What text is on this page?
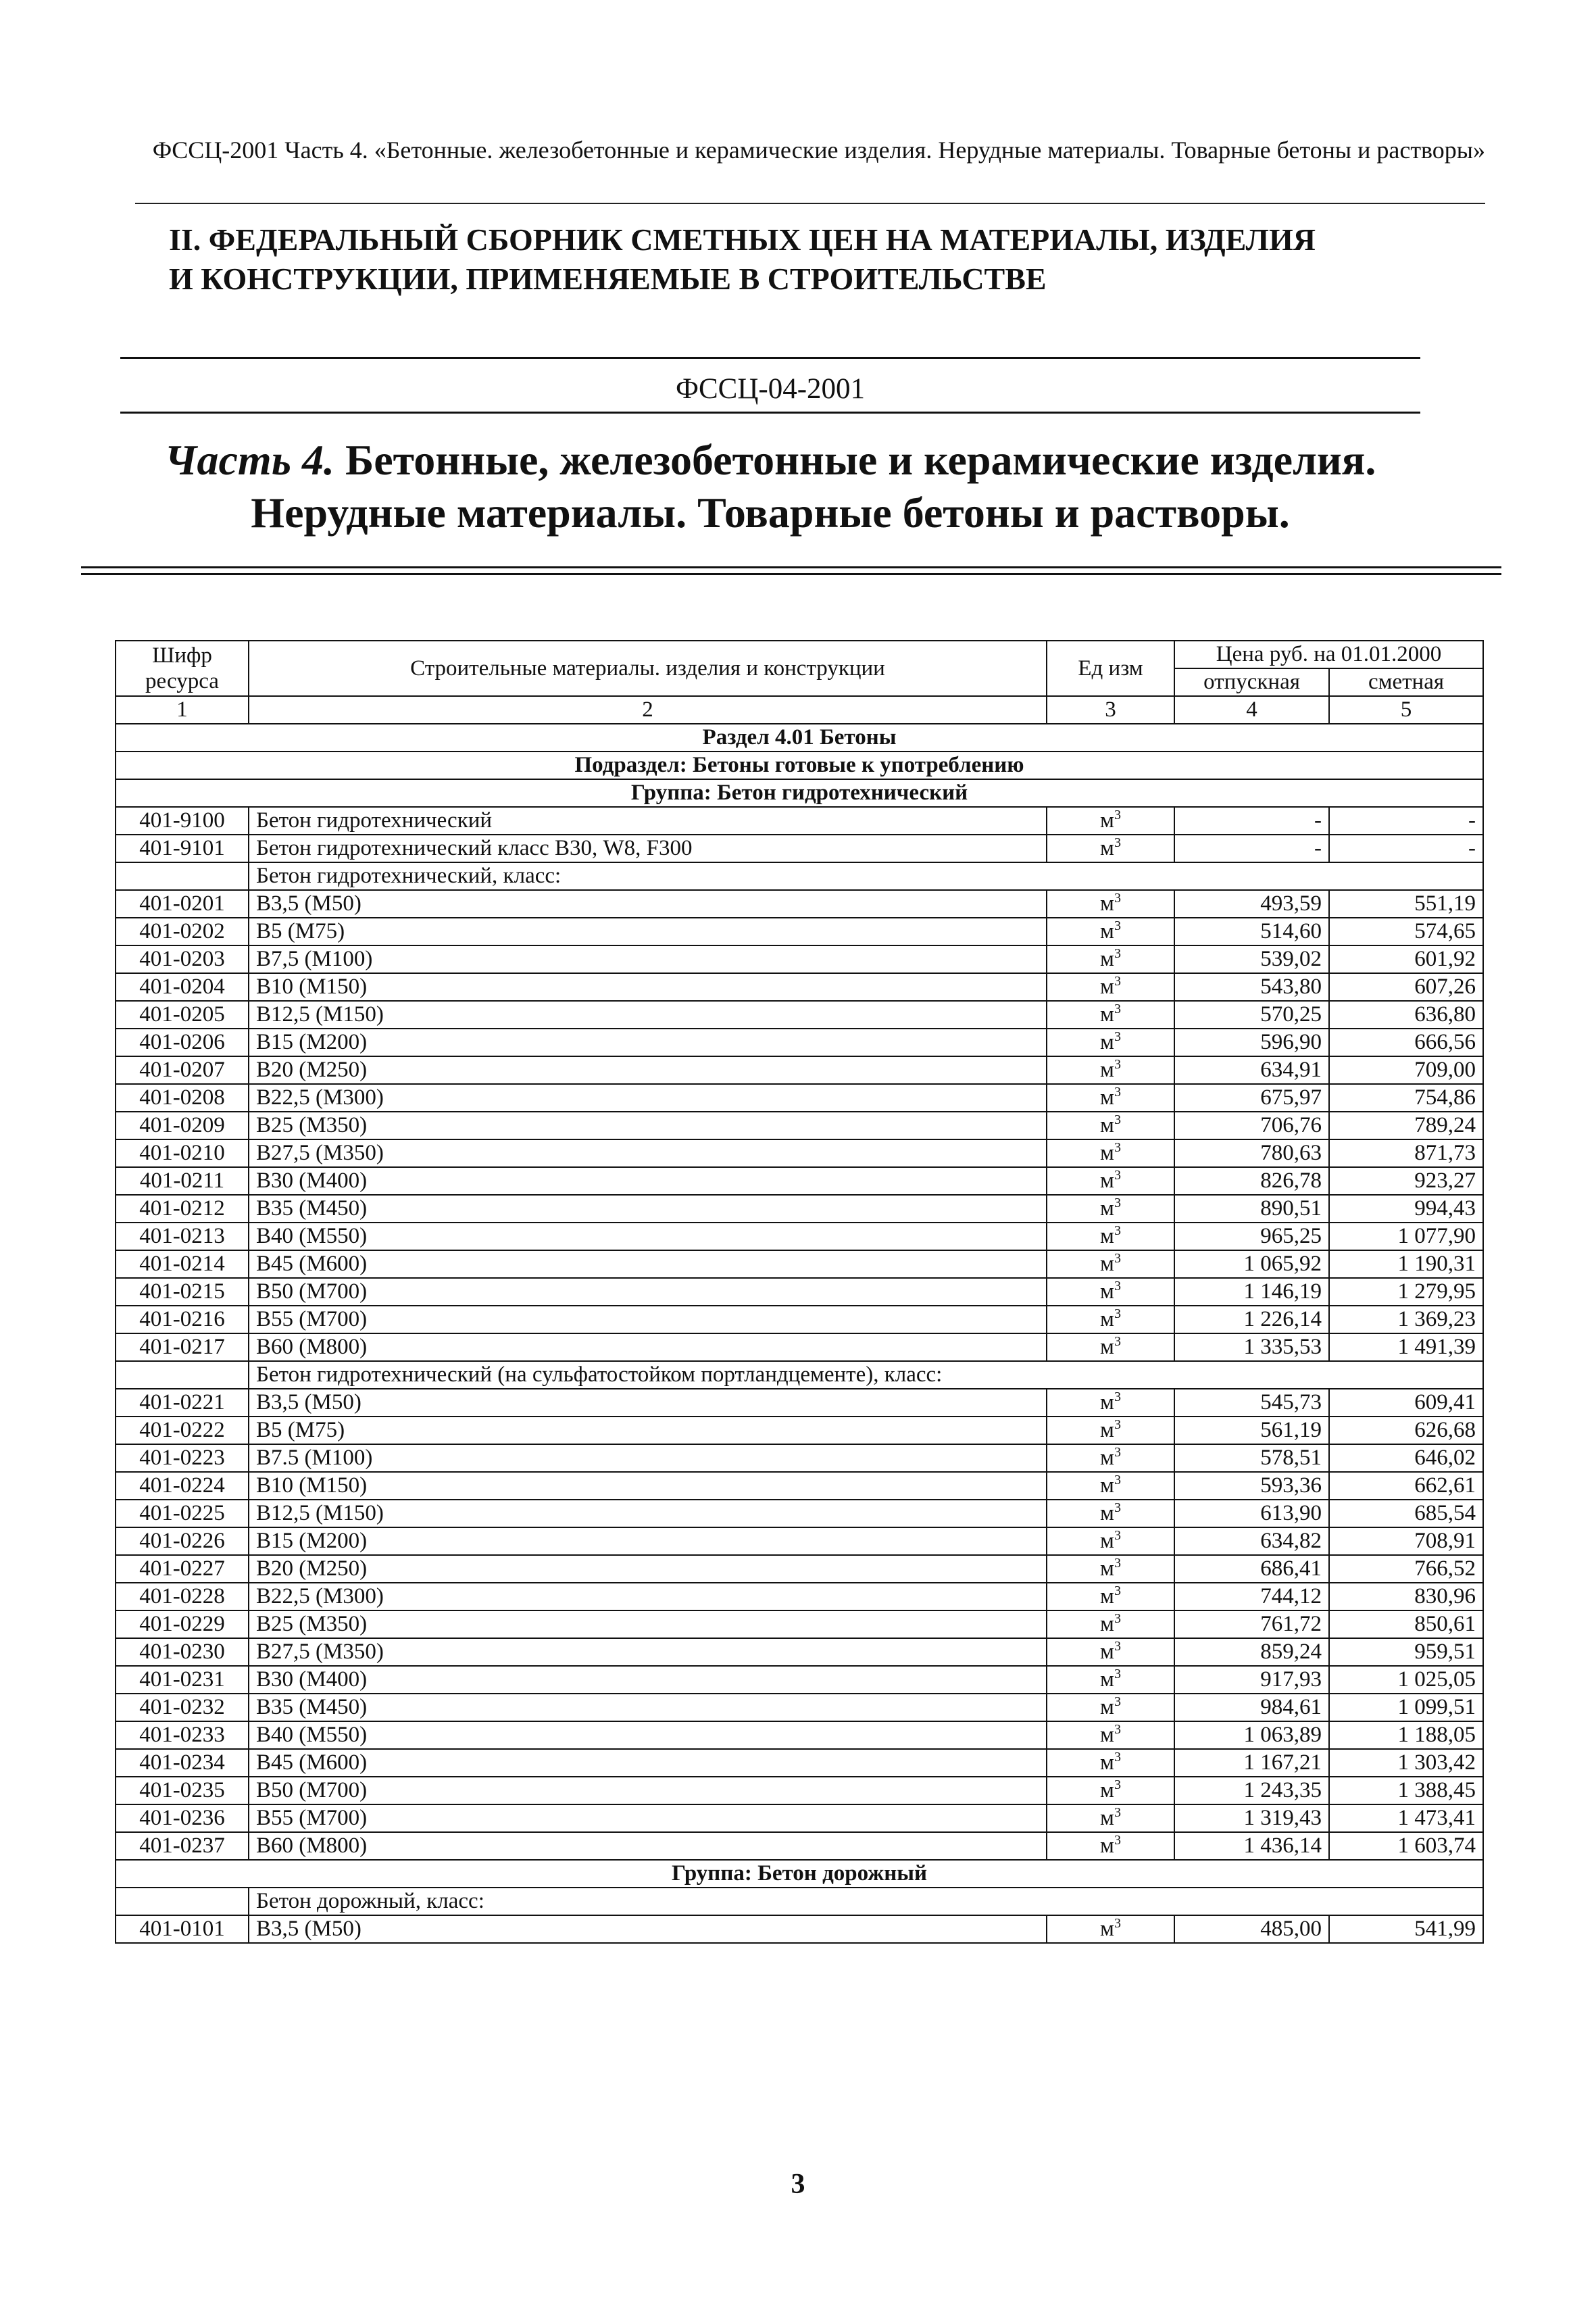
ФССЦ-2001 Часть 4. «Бетонные. железобетонные и керамические изделия. Нерудные материалы. Товарные бетоны и растворы»
II. ФЕДЕРАЛЬНЫЙ СБОРНИК СМЕТНЫХ ЦЕН НА МАТЕРИАЛЫ, ИЗДЕЛИЯ
И КОНСТРУКЦИИ, ПРИМЕНЯЕМЫЕ В СТРОИТЕЛЬСТВЕ
ФССЦ-04-2001
Часть 4. Бетонные, железобетонные и керамические изделия.
Нерудные материалы. Товарные бетоны и растворы.
Шифр ресурса	Строительные материалы. изделия и конструкции	Ед изм	Цена руб. на 01.01.2000	
			отпускная	сметная
1	2	3	4	5
Раздел 4.01 Бетоны				
Подраздел: Бетоны готовые к употреблению				
Группа: Бетон гидротехнический				
401-9100	Бетон гидротехнический	$м^3$	-	-
401-9101	Бетон гидротехнический класс В30, W8, F300	$м^3$	-	-
	Бетон гидротехнический, класс:			
401-0201	В3,5 (М50)	$м^3$	493,59	551,19
401-0202	В5 (М75)	$м^3$	514,60	574,65
401-0203	В7,5 (М100)	$м^3$	539,02	601,92
401-0204	В10 (М150)	$м^3$	543,80	607,26
401-0205	В12,5 (М150)	$м^3$	570,25	636,80
401-0206	В15 (М200)	$м^3$	596,90	666,56
401-0207	В20 (М250)	$м^3$	634,91	709,00
401-0208	В22,5 (М300)	$м^3$	675,97	754,86
401-0209	В25 (М350)	$м^3$	706,76	789,24
401-0210	В27,5 (М350)	$м^3$	780,63	871,73
401-0211	В30 (М400)	$м^3$	826,78	923,27
401-0212	В35 (М450)	$м^3$	890,51	994,43
401-0213	В40 (М550)	$м^3$	965,25	1 077,90
401-0214	В45 (М600)	$м^3$	1 065,92	1 190,31
401-0215	В50 (М700)	$м^3$	1 146,19	1 279,95
401-0216	В55 (М700)	$м^3$	1 226,14	1 369,23
401-0217	В60 (М800)	$м^3$	1 335,53	1 491,39
	Бетон гидротехнический (на сульфатостойком портландцементе), класс:			
401-0221	В3,5 (М50)	$м^3$	545,73	609,41
401-0222	В5 (М75)	$м^3$	561,19	626,68
401-0223	В7.5 (М100)	$м^3$	578,51	646,02
401-0224	В10 (М150)	$м^3$	593,36	662,61
401-0225	В12,5 (М150)	$м^3$	613,90	685,54
401-0226	В15 (М200)	$м^3$	634,82	708,91
401-0227	В20 (М250)	$м^3$	686,41	766,52
401-0228	В22,5 (М300)	$м^3$	744,12	830,96
401-0229	В25 (М350)	$м^3$	761,72	850,61
401-0230	В27,5 (М350)	$м^3$	859,24	959,51
401-0231	В30 (М400)	$м^3$	917,93	1 025,05
401-0232	В35 (М450)	$м^3$	984,61	1 099,51
401-0233	В40 (М550)	$м^3$	1 063,89	1 188,05
401-0234	В45 (М600)	$м^3$	1 167,21	1 303,42
401-0235	В50 (М700)	$м^3$	1 243,35	1 388,45
401-0236	В55 (М700)	$м^3$	1 319,43	1 473,41
401-0237	В60 (М800)	$м^3$	1 436,14	1 603,74
Группа: Бетон дорожный				
	Бетон дорожный, класс:			
401-0101	В3,5 (М50)	$м^3$	485,00	541,99
3
